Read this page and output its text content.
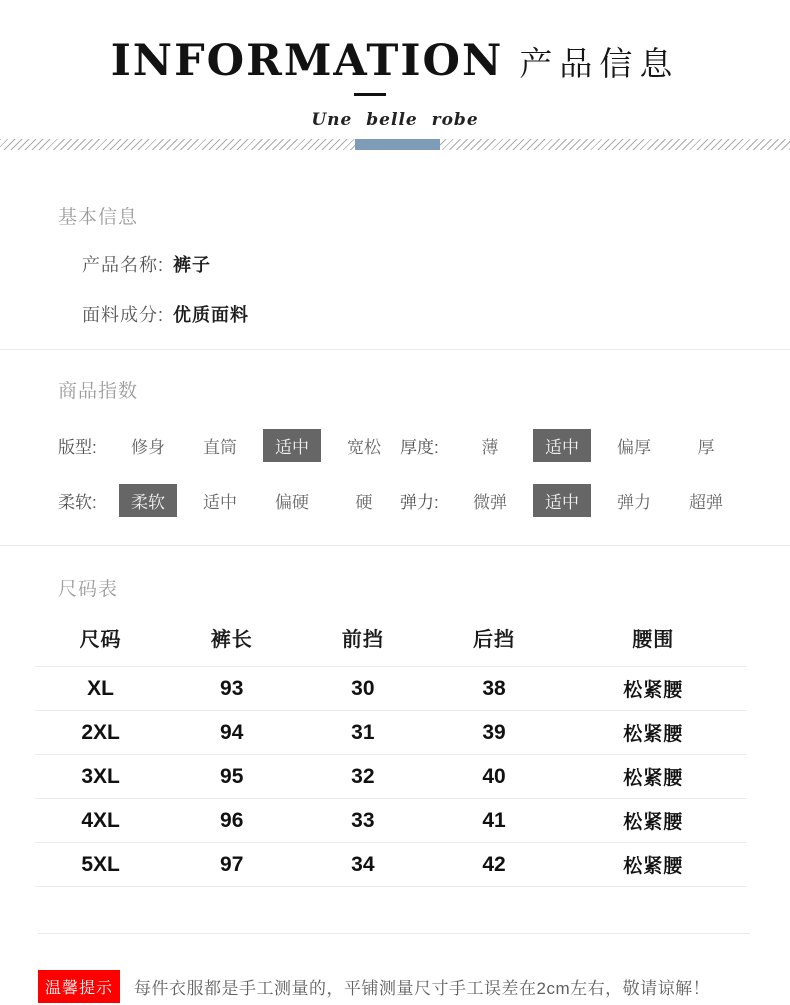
INFORMATION 产品信息
Une belle robe
基本信息
产品名称: 裤子
面料成分: 优质面料
商品指数
版型:	修身	直筒	适中	宽松	厚度:	薄	适中	偏厚	厚
柔软:	柔软	适中	偏硬	硬	弹力:	微弹	适中	弹力	超弹
尺码表
尺码	裤长	前挡	后挡	腰围
XL	93	30	38	松紧腰
2XL	94	31	39	松紧腰
3XL	95	32	40	松紧腰
4XL	96	33	41	松紧腰
5XL	97	34	42	松紧腰
温馨提示	每件衣服都是手工测量的，平铺测量尺寸手工误差在2cm左右，敬请谅解！
